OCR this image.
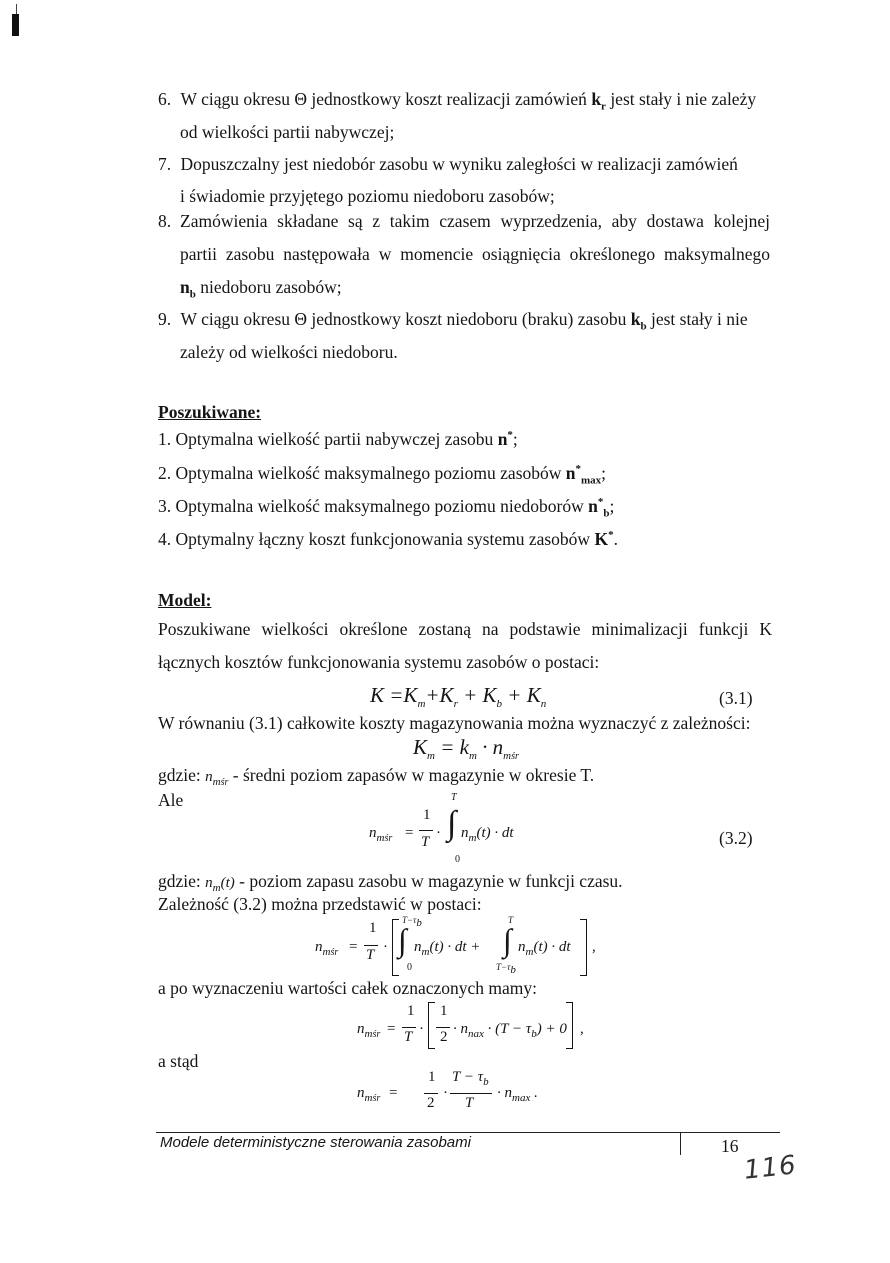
6. W ciągu okresu Θ jednostkowy koszt realizacji zamówień $k_r$ jest stały i nie zależy
od wielkości partii nabywczej;
7. Dopuszczalny jest niedobór zasobu w wyniku zaległości w realizacji zamówień
i świadomie przyjętego poziomu niedoboru zasobów;
8. Zamówienia składane są z takim czasem wyprzedzenia, aby dostawa kolejnej
partii zasobu następowała w momencie osiągnięcia określonego maksymalnego
$n_b$ niedoboru zasobów;
9. W ciągu okresu Θ jednostkowy koszt niedoboru (braku) zasobu $k_b$ jest stały i nie
zależy od wielkości niedoboru.
Poszukiwane:
1. Optymalna wielkość partii nabywczej zasobu n*;
2. Optymalna wielkość maksymalnego poziomu zasobów $n^*_{max}$;
3. Optymalna wielkość maksymalnego poziomu niedoborów $n^*_b$;
4. Optymalny łączny koszt funkcjonowania systemu zasobów K*.
Model:
Poszukiwane wielkości określone zostaną na podstawie minimalizacji funkcji K
łącznych kosztów funkcjonowania systemu zasobów o postaci:
$K =K_m+K_r + K_b + K_n$	(3.1)
W równaniu (3.1) całkowite koszty magazynowania można wyznaczyć z zależności:
$K_m = k_m \cdot n_{mśr}$
gdzie: $n_{mśr}$ - średni poziom zapasów w magazynie w okresie T.
Ale
$n_{mśr}$ =
1
T
·
T
∫
0
$n_m(t)$ · dt	(3.2)
gdzie: $n_m(t)$ - poziom zapasu zasobu w magazynie w funkcji czasu.
Zależność (3.2) można przedstawić w postaci:
$n_{mśr}$ =
1
T ·
$T-\tau_b$
∫
0
$n_m(t)$ · dt +
T
∫
$T-\tau_b$
$n_m(t)$ · dt ,
a po wyznaczeniu wartości całek oznaczonych mamy:
$n_{mśr}$ =
1
T ·
1
$2 \cdot n_{nax} \cdot (T - \tau_b) + 0$ ,
a stąd
$n_{mśr}$ =
1
2
·
$T - \tau_b$
T
· $n_{max}$ .
Modele deterministyczne sterowania zasobami	16
116
